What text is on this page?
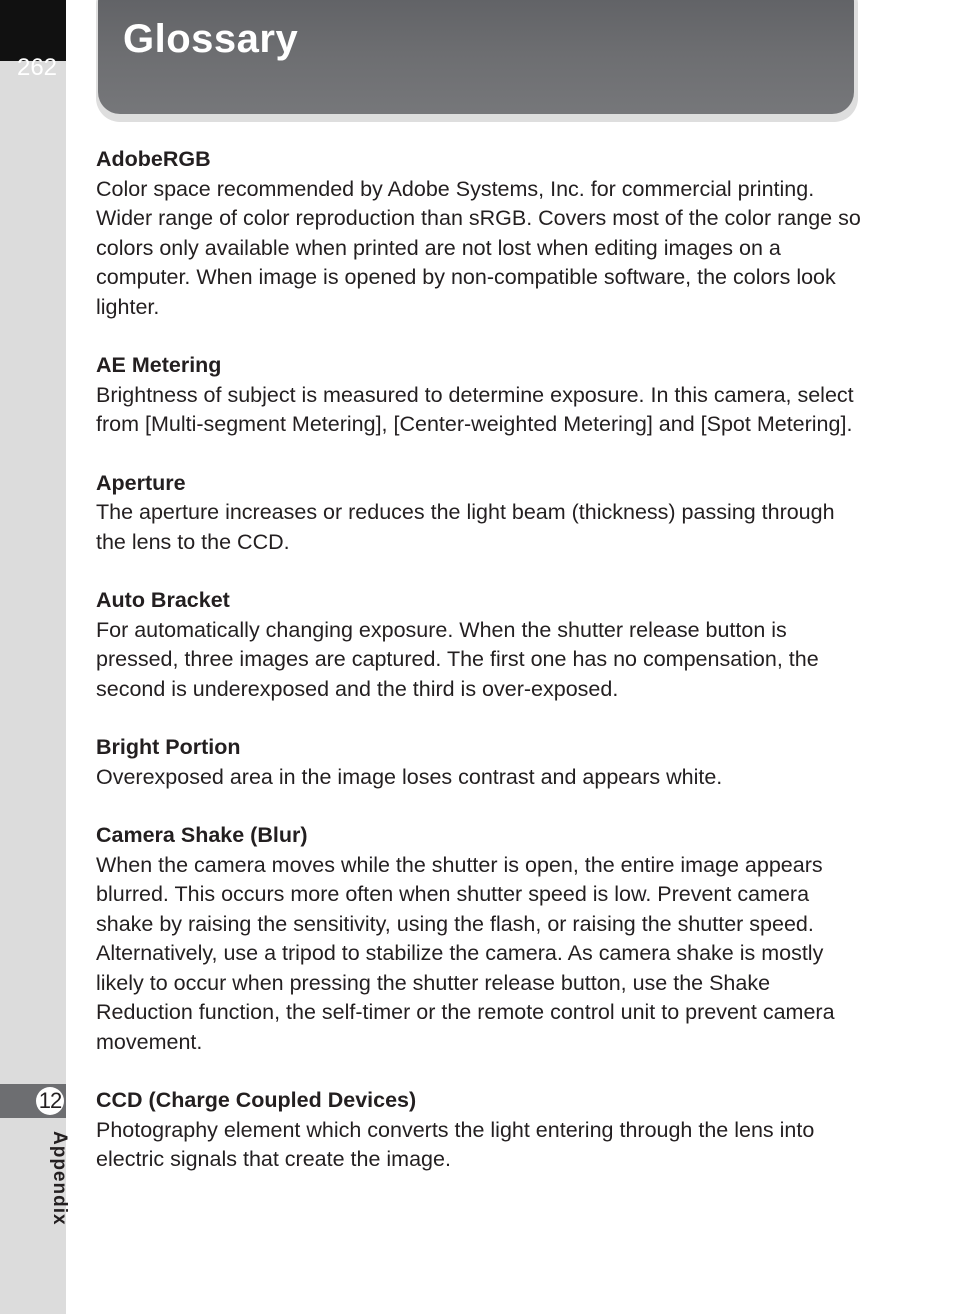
262
12
Appendix
Glossary

AdobeRGB

Color space recommended by Adobe Systems, Inc. for commercial printing. Wider range of color reproduction than sRGB. Covers most of the color range so colors only available when printed are not lost when editing images on a computer. When image is opened by non-compatible software, the colors look lighter.

AE Metering

Brightness of subject is measured to determine exposure. In this camera, select from [Multi-segment Metering], [Center-weighted Metering] and [Spot Metering].

Aperture

The aperture increases or reduces the light beam (thickness) passing through the lens to the CCD.

Auto Bracket

For automatically changing exposure. When the shutter release button is pressed, three images are captured. The first one has no compensation, the second is underexposed and the third is over-exposed.

Bright Portion

Overexposed area in the image loses contrast and appears white.

Camera Shake (Blur)

When the camera moves while the shutter is open, the entire image appears blurred. This occurs more often when shutter speed is low. Prevent camera shake by raising the sensitivity, using the flash, or raising the shutter speed. Alternatively, use a tripod to stabilize the camera. As camera shake is mostly likely to occur when pressing the shutter release button, use the Shake Reduction function, the self-timer or the remote control unit to prevent camera movement.

CCD (Charge Coupled Devices)

Photography element which converts the light entering through the lens into electric signals that create the image.
